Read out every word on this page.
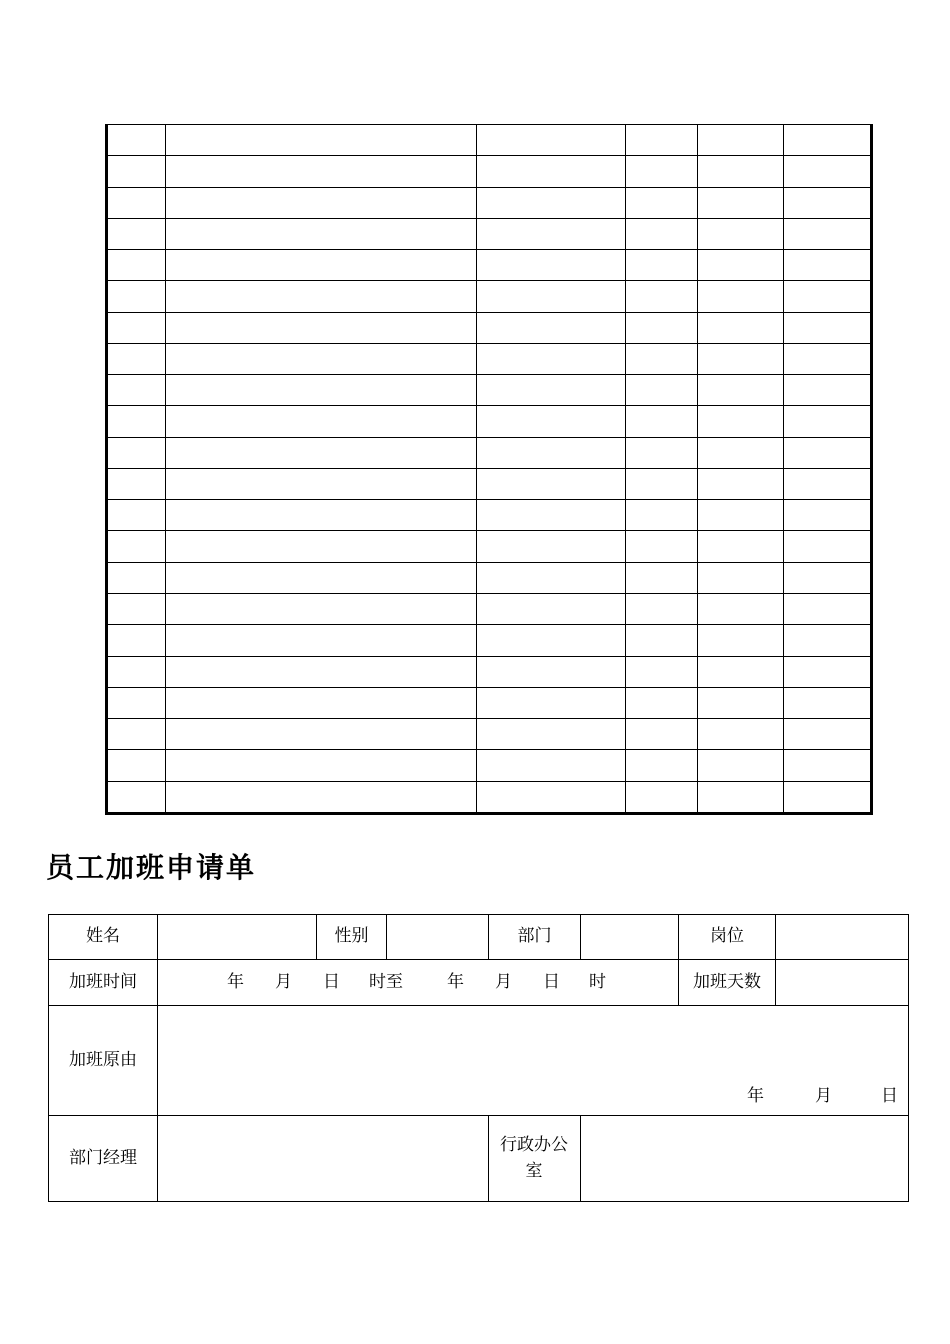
员工加班申请单
姓名	性别	部门	岗位
加班时间	年 月 日 时至	年 月 日 时	加班天数
加班原由
年	月	日
部门经理
行政办公室
